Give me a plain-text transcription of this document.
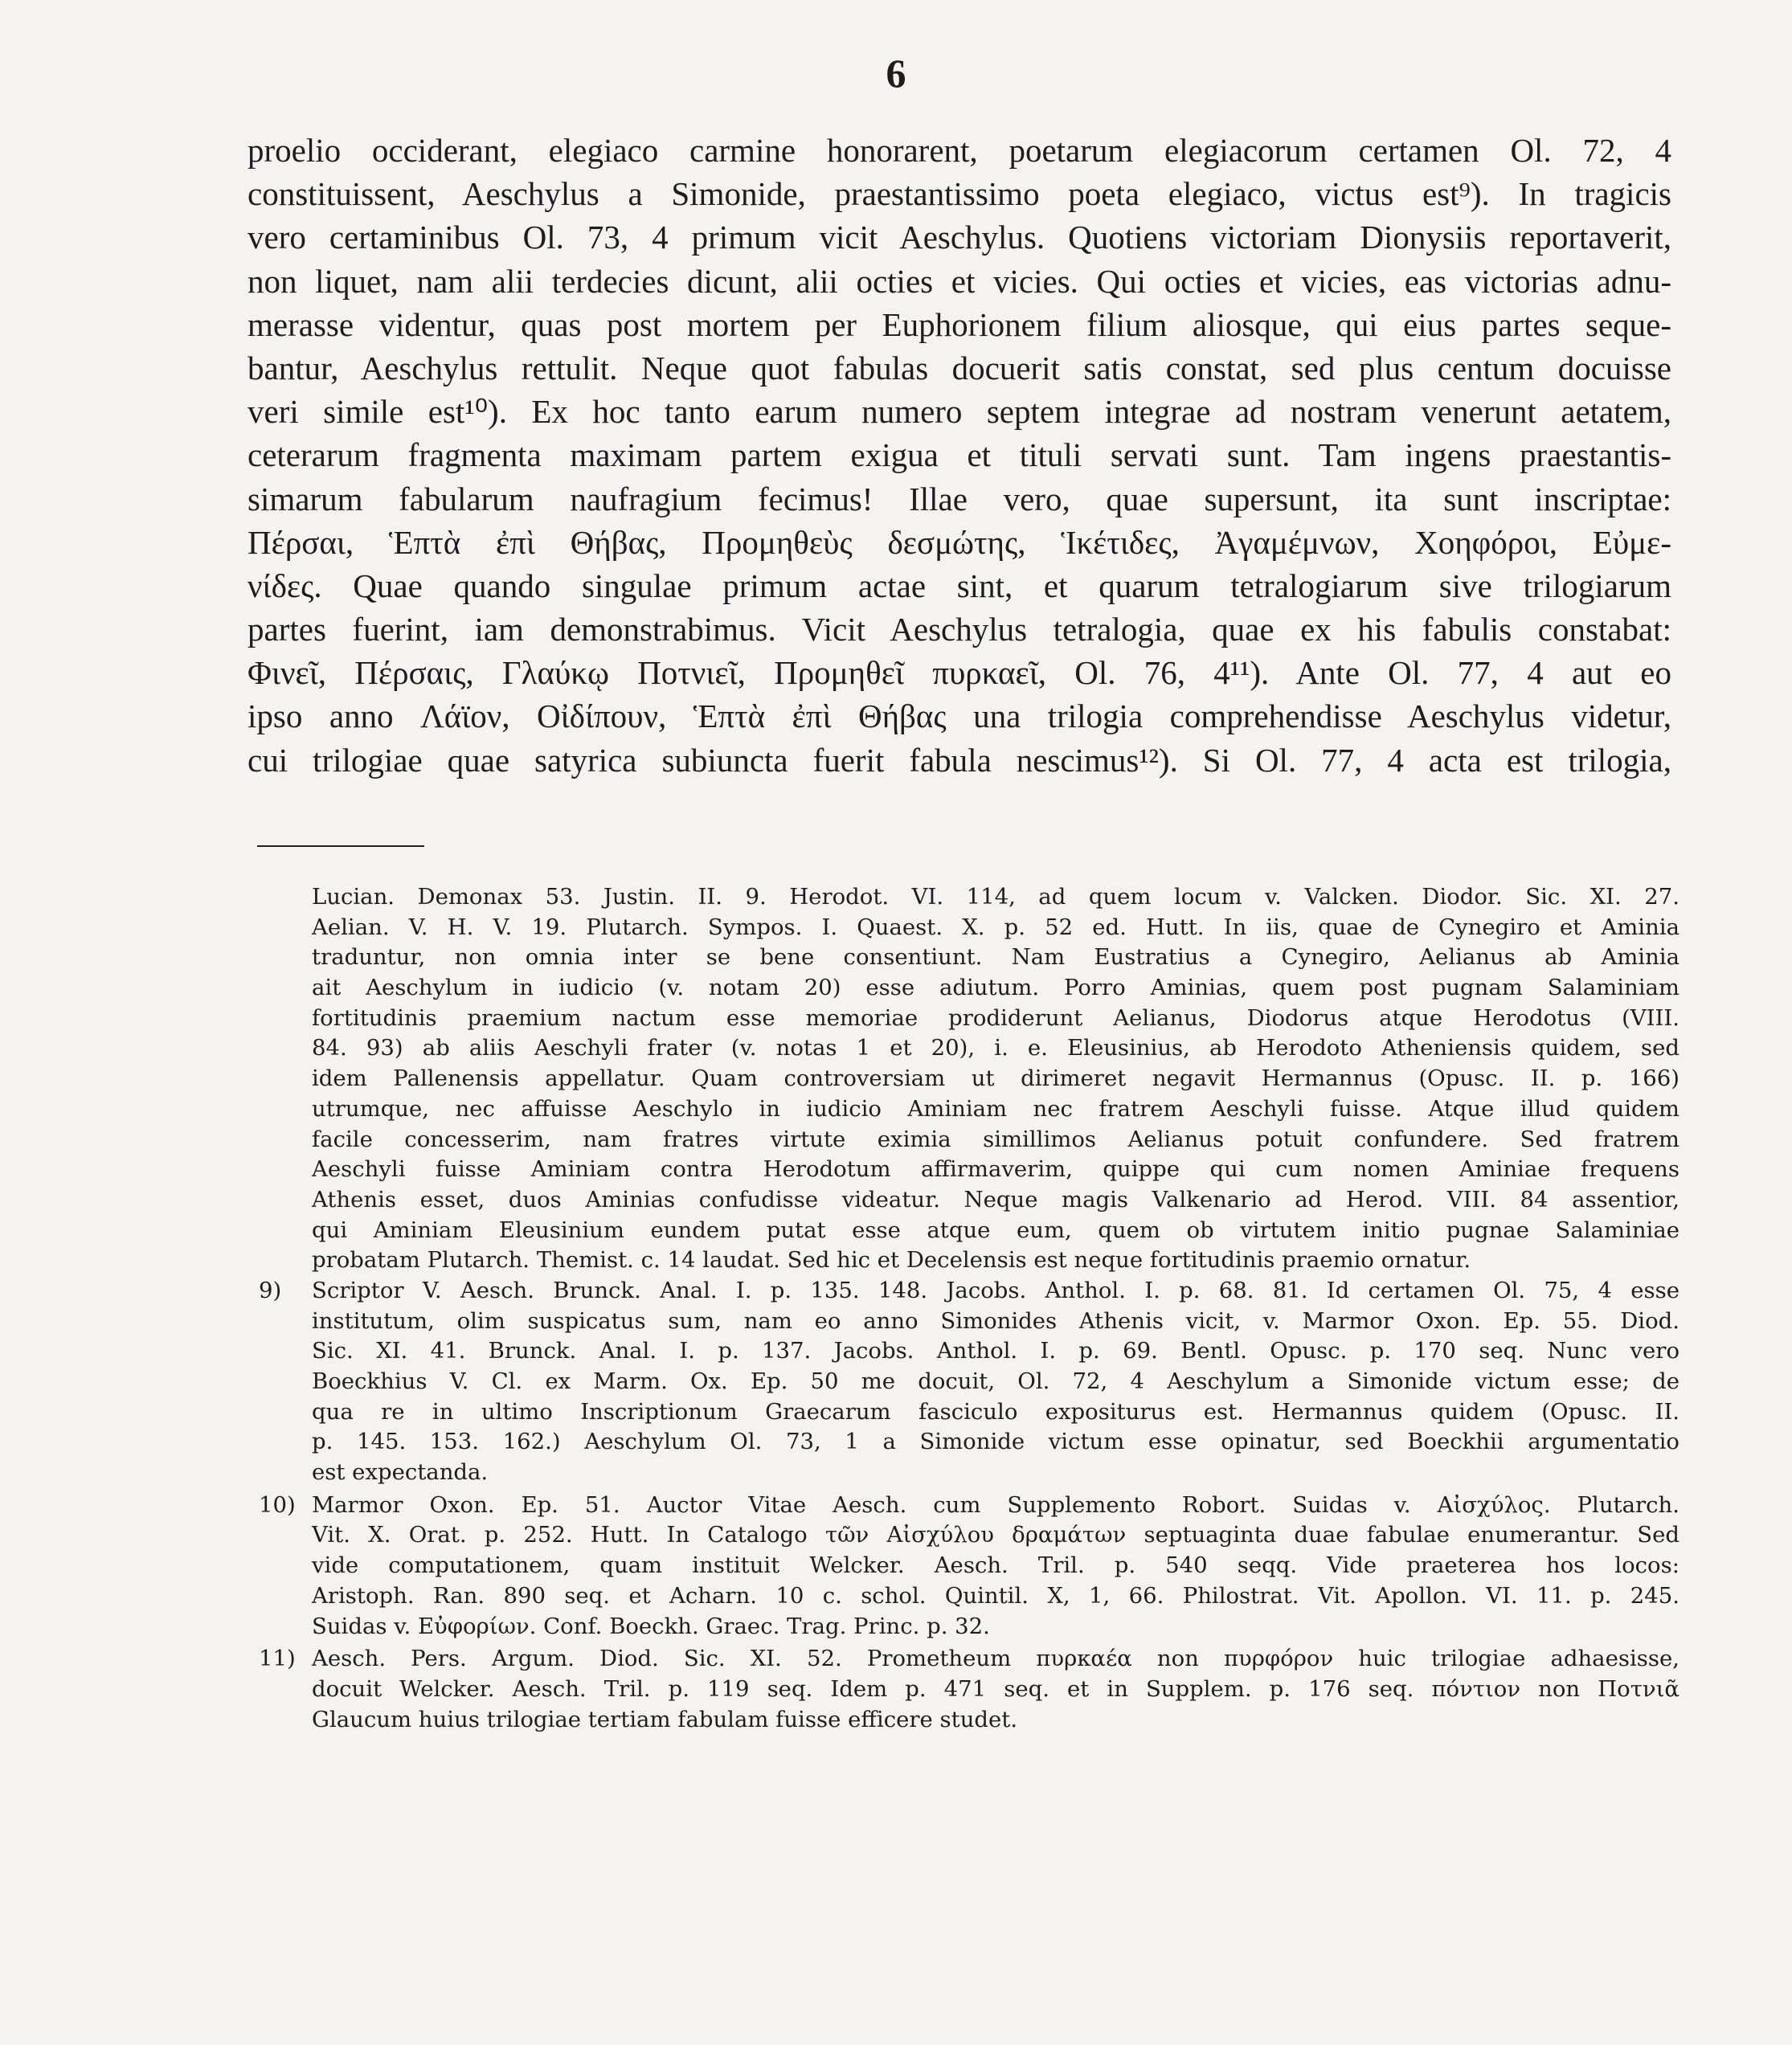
6
proelio occiderant, elegiaco carmine honorarent, poetarum elegiacorum certamen Ol. 72, 4
constituissent, Aeschylus a Simonide, praestantissimo poeta elegiaco, victus est⁹). In tragicis
vero certaminibus Ol. 73, 4 primum vicit Aeschylus. Quotiens victoriam Dionysiis reportaverit,
non liquet, nam alii terdecies dicunt, alii octies et vicies. Qui octies et vicies, eas victorias adnu-
merasse videntur, quas post mortem per Euphorionem filium aliosque, qui eius partes seque-
bantur, Aeschylus rettulit. Neque quot fabulas docuerit satis constat, sed plus centum docuisse
veri simile est¹⁰). Ex hoc tanto earum numero septem integrae ad nostram venerunt aetatem,
ceterarum fragmenta maximam partem exigua et tituli servati sunt. Tam ingens praestantis-
simarum fabularum naufragium fecimus! Illae vero, quae supersunt, ita sunt inscriptae:
Πέρσαι, Ἑπτὰ ἐπὶ Θήβας, Προμηθεὺς δεσμώτης, Ἱκέτιδες, Ἀγαμέμνων, Χοηφόροι, Εὐμε-
νίδες. Quae quando singulae primum actae sint, et quarum tetralogiarum sive trilogiarum
partes fuerint, iam demonstrabimus. Vicit Aeschylus tetralogia, quae ex his fabulis constabat:
Φινεῖ, Πέρσαις, Γλαύκῳ Ποτνιεῖ, Προμηθεῖ πυρκαεῖ, Ol. 76, 4¹¹). Ante Ol. 77, 4 aut eo
ipso anno Λάϊον, Οἰδίπουν, Ἑπτὰ ἐπὶ Θήβας una trilogia comprehendisse Aeschylus videtur,
cui trilogiae quae satyrica subiuncta fuerit fabula nescimus¹²). Si Ol. 77, 4 acta est trilogia,
Lucian. Demonax 53. Justin. II. 9. Herodot. VI. 114, ad quem locum v. Valcken. Diodor. Sic. XI. 27.
Aelian. V. H. V. 19. Plutarch. Sympos. I. Quaest. X. p. 52 ed. Hutt. In iis, quae de Cynegiro et Aminia
traduntur, non omnia inter se bene consentiunt. Nam Eustratius a Cynegiro, Aelianus ab Aminia
ait Aeschylum in iudicio (v. notam 20) esse adiutum. Porro Aminias, quem post pugnam Salaminiam
fortitudinis praemium nactum esse memoriae prodiderunt Aelianus, Diodorus atque Herodotus (VIII.
84. 93) ab aliis Aeschyli frater (v. notas 1 et 20), i. e. Eleusinius, ab Herodoto Atheniensis quidem, sed
idem Pallenensis appellatur. Quam controversiam ut dirimeret negavit Hermannus (Opusc. II. p. 166)
utrumque, nec affuisse Aeschylo in iudicio Aminiam nec fratrem Aeschyli fuisse. Atque illud quidem
facile concesserim, nam fratres virtute eximia simillimos Aelianus potuit confundere. Sed fratrem
Aeschyli fuisse Aminiam contra Herodotum affirmaverim, quippe qui cum nomen Aminiae frequens
Athenis esset, duos Aminias confudisse videatur. Neque magis Valkenario ad Herod. VIII. 84 assentior,
qui Aminiam Eleusinium eundem putat esse atque eum, quem ob virtutem initio pugnae Salaminiae
probatam Plutarch. Themist. c. 14 laudat. Sed hic et Decelensis est neque fortitudinis praemio ornatur.
9) Scriptor V. Aesch. Brunck. Anal. I. p. 135. 148. Jacobs. Anthol. I. p. 68. 81. Id certamen Ol. 75, 4 esse
institutum, olim suspicatus sum, nam eo anno Simonides Athenis vicit, v. Marmor Oxon. Ep. 55. Diod.
Sic. XI. 41. Brunck. Anal. I. p. 137. Jacobs. Anthol. I. p. 69. Bentl. Opusc. p. 170 seq. Nunc vero
Boeckhius V. Cl. ex Marm. Ox. Ep. 50 me docuit, Ol. 72, 4 Aeschylum a Simonide victum esse; de
qua re in ultimo Inscriptionum Graecarum fasciculo expositurus est. Hermannus quidem (Opusc. II.
p. 145. 153. 162.) Aeschylum Ol. 73, 1 a Simonide victum esse opinatur, sed Boeckhii argumentatio
est expectanda.
10) Marmor Oxon. Ep. 51. Auctor Vitae Aesch. cum Supplemento Robort. Suidas v. Αἰσχύλος. Plutarch.
Vit. X. Orat. p. 252. Hutt. In Catalogo τῶν Αἰσχύλου δραμάτων septuaginta duae fabulae enumerantur. Sed
vide computationem, quam instituit Welcker. Aesch. Tril. p. 540 seqq. Vide praeterea hos locos:
Aristoph. Ran. 890 seq. et Acharn. 10 c. schol. Quintil. X, 1, 66. Philostrat. Vit. Apollon. VI. 11. p. 245.
Suidas v. Εὐφορίων. Conf. Boeckh. Graec. Trag. Princ. p. 32.
11) Aesch. Pers. Argum. Diod. Sic. XI. 52. Prometheum πυρκαέα non πυρφόρον huic trilogiae adhaesisse,
docuit Welcker. Aesch. Tril. p. 119 seq. Idem p. 471 seq. et in Supplem. p. 176 seq. πόντιον non Ποτνιᾶ
Glaucum huius trilogiae tertiam fabulam fuisse efficere studet.
